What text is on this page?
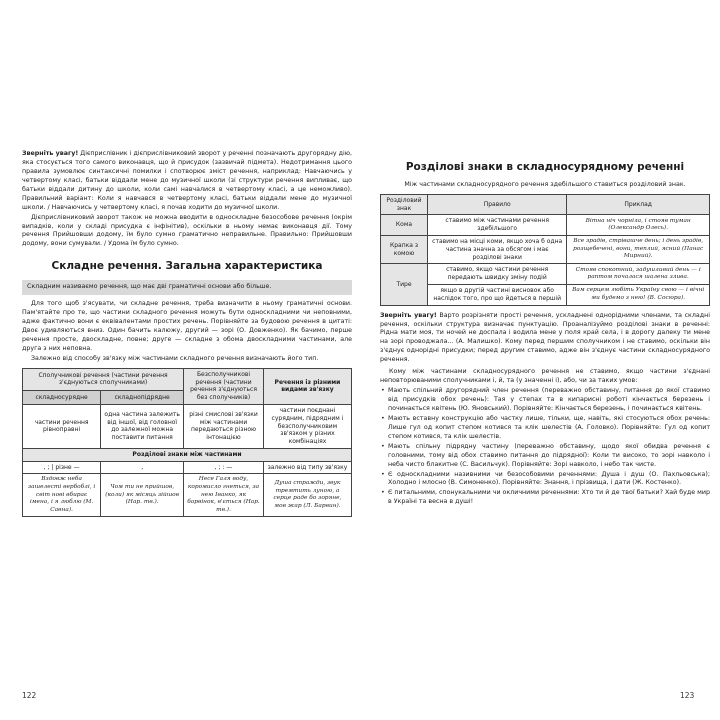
Зверніть увагу! Дієприслівник і дієприслівниковий зворот у реченні позначають другорядну дію, яка стосується того самого виконавця, що й присудок (зазвичай підмета). Недотримання цього правила зумовлює синтаксичні помилки і спотворює зміст речення, наприклад: Навчаючись у четвертому класі, батьки віддали мене до музичної школи (зі структури речення випливає, що батьки віддали дитину до школи, коли самі навчалися в четвертому класі, а це неможливо). Правильний варіант: Коли я навчався в четвертому класі, батьки віддали мене до музичної школи. / Навчаючись у четвертому класі, я почав ходити до музичної школи.

Дієприслівниковий зворот також не можна вводити в односкладне безособове речення (окрім випадків, коли у складі присудка є інфінітив), оскільки в ньому немає виконавця дії. Тому речення Прийшовши додому, їм було сумно граматично неправильне. Правильно: Прийшовши додому, вони сумували. / Удома їм було сумно.

Складне речення. Загальна характеристика
Складним називаємо речення, що має дві граматичні основи або більше.

Для того щоб з'ясувати, чи складне речення, треба визначити в ньому граматичні основи. Пам'ятайте про те, що частини складного речення можуть бути односкладними чи неповними, адже фактично вони є еквівалентами простих речень. Порівняйте за будовою речення в цитаті: Двоє удивляються вниз. Один бачить калюжу, другий — зорі (О. Довженко). Як бачимо, перше речення просте, двоскладне, повне; друге — складне з обома двоскладними частинами, але друга з них неповна.

Залежно від способу зв'язку між частинами складного речення визначають його тип.

Сполучникові речення (частини речення з'єднуються сполучниками)		Безсполучникові речення (частини речення з'єднуються без сполучників)	Речення із різними видами зв'язку
складносурядне	складнопідрядне		
частини речення рівноправні	одна частина залежить від іншої, від головної до залежної можна поставити питання	різні смислові зв'язки між частинами передаються різною інтонацією	частини поєднані сурядним, підрядним і безсполучниковим зв'язком у різних комбінаціях
Розділові знаки між частинами			
, ; | різне —	,	, ; : —	залежно від типу зв'язку
Вздовж неба зашелесті вербоблі, і світ нові вбирає імена, і я люблю (М. Савна).	Чом ти не прийшов, (коли) як місяць зійшов (Нар. тв.).	Несе Галя воду, коромисло гнеться, за нею Іванко, як барвінок, в'ється (Нар. тв.).	Душа стражди, звук тремтить луною, а серце раде бо зоряне, мов жар (Л. Барвин).
122
Розділові знаки в складносурядному реченні

Між частинами складносурядного речення здебільшого ставиться розділовий знак.

Розділовий знак	Правило	Приклад
Кома	ставимо між частинами речення здебільшого	Вітна ніч чорніла, і стояв туман (Олександр Олесь).
Крапка з комою	ставимо на місці коми, якщо хоча б одна частина значна за обсягом і має розділові знаки	Все зрадів, стрівашче день; і день зрадів, розщебечені, вони, теплий, ясний (Панас Мирний).
Тире	ставимо, якщо частини речення передають швидку зміну подій	Стояв спокотний, задушливий день — і раптом почалася шалена злива.
	якщо в другій частині висновок або наслідок того, про що йдеться в першій	Вам серцем любіть Україну свою — і вічні ми будемо з нею! (В. Сосюра).

Зверніть увагу! Варто розрізняти прості речення, ускладнені однорідними членами, та складні речення, оскільки структура визначає пунктуацію. Проаналізуймо розділові знаки в реченні: Рідна мати моя, ти ночей не доспала і водила мене у поля край села, і в дорогу далеку ти мене на зорі проводжала... (А. Малишко). Кому перед першим сполучником і не ставимо, оскільки він з'єднує однорідні присудки; перед другим ставимо, адже він з'єднує частини складносурядного речення.

Кому між частинами складносурядного речення не ставимо, якщо частини з'єднані неповторюваними сполучниками і, й, та (у значенні і), або, чи за таких умов:

• Мають спільний другорядний член речення (переважно обставину, питання до якої ставимо від присудків обох речень): Тая у степах та в кипарисні роботі кінчається березень і починається квітень (Ю. Яновський). Порівняйте: Кінчається березень, і починається квітень.

• Мають вставну конструкцію або частку лише, тільки, ще, навіть, які стосуються обох речень: Лише гул од копит степом котився та клік шелестів (А. Головко). Порівняйте: Гул од копит степом котився, та клік шелестів.

• Мають спільну підрядну частину (переважно обставину, щодо якої обидва речення є головними, тому від обох ставимо питання до підрядної): Коли ти високо, то зорі навколо і неба чисто блакитне (С. Васильчук). Порівняйте: Зорі навколо, і небо так чисте.

• Є односкладними називними чи безособовими реченнями: Душа і душ (О. Пахльовська); Холодно і млосно (В. Симоненко). Порівняйте: Знання, і прізвища, і дати (Ж. Костенко).

• Є питальними, спонукальними чи окличними реченнями: Хто ти й де твої батьки? Хай буде мир в Україні та весна в душі!

123
